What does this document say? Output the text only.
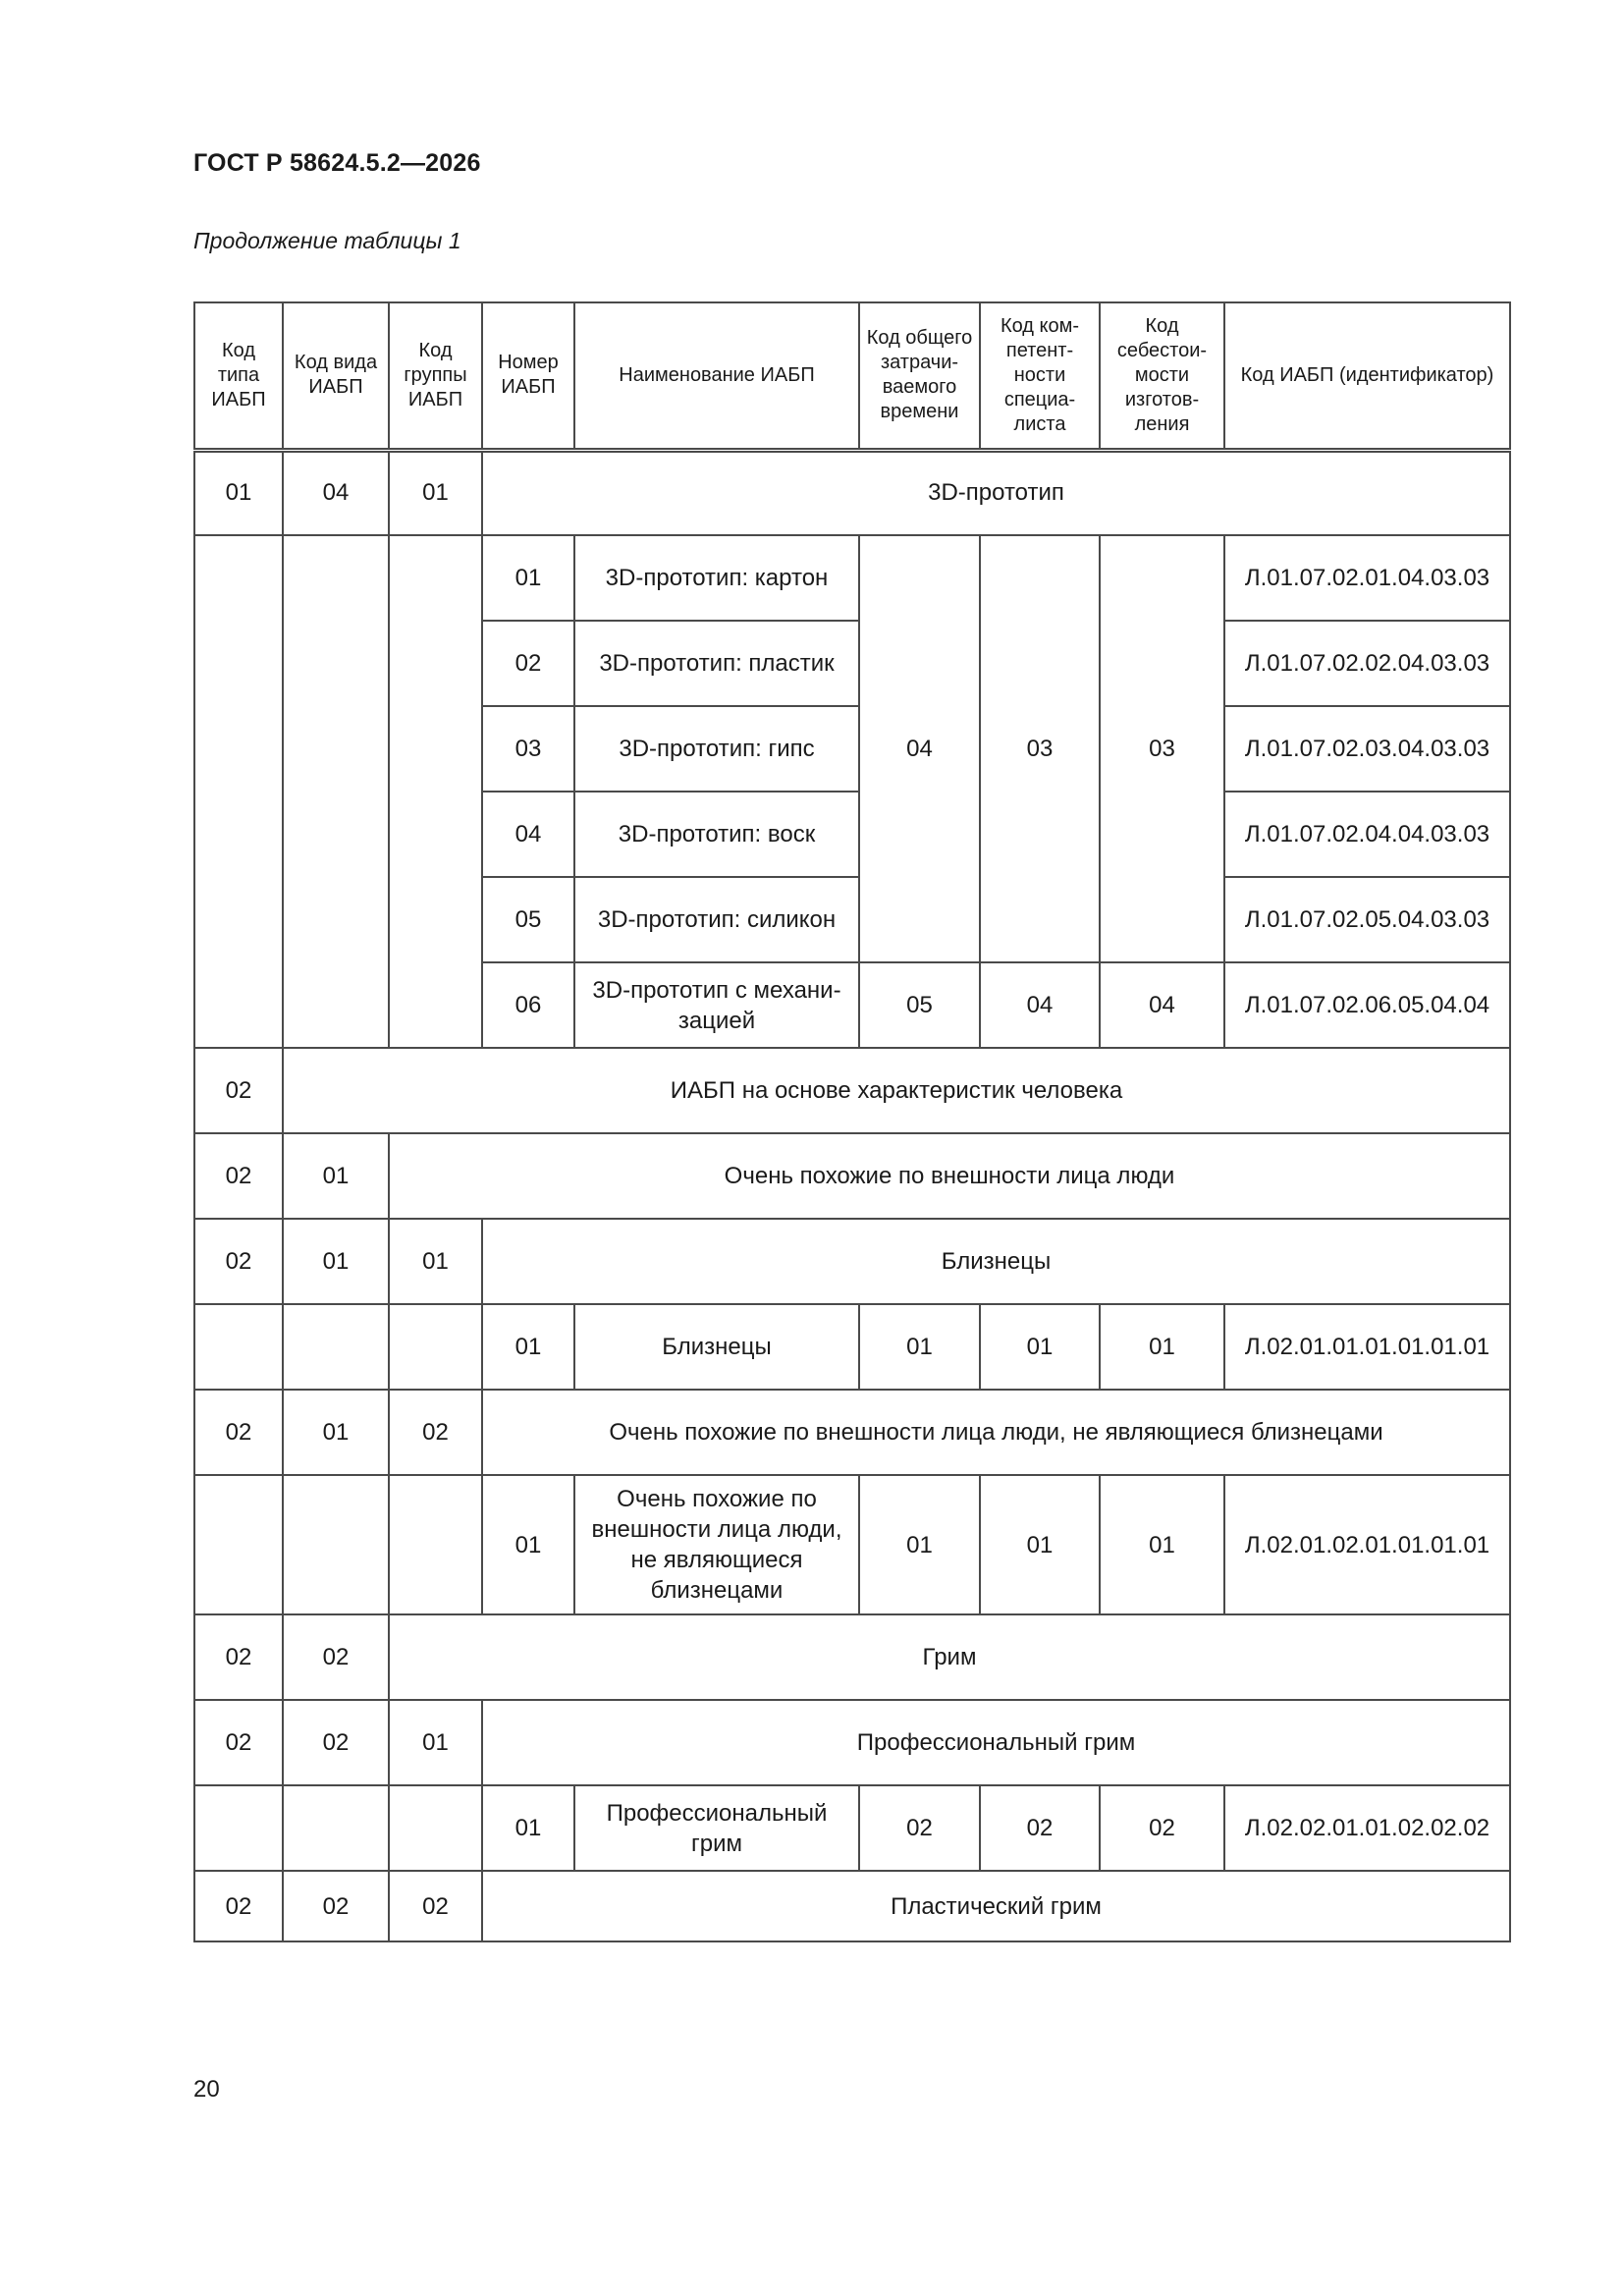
ГОСТ Р 58624.5.2—2026
Продолжение таблицы 1
Код типа ИАБП	Код вида ИАБП	Код группы ИАБП	Номер ИАБП	Наименование ИАБП	Код общего затрачи-ваемого времени	Код ком-петент-ности специа-листа	Код себестои-мости изготов-ления	Код ИАБП (идентификатор)
01	04	01	3D-прототип					
			01	3D-прототип: картон	04	03	03	Л.01.07.02.01.04.03.03
			02	3D-прототип: пластик				Л.01.07.02.02.04.03.03
			03	3D-прототип: гипс				Л.01.07.02.03.04.03.03
			04	3D-прототип: воск				Л.01.07.02.04.04.03.03
			05	3D-прототип: силикон				Л.01.07.02.05.04.03.03
			06	3D-прототип с механи-зацией	05	04	04	Л.01.07.02.06.05.04.04
02	ИАБП на основе характеристик человека							
02	01	Очень похожие по внешности лица люди						
02	01	01	Близнецы					
			01	Близнецы	01	01	01	Л.02.01.01.01.01.01.01
02	01	02	Очень похожие по внешности лица люди, не являющиеся близнецами					
			01	Очень похожие по внешности лица люди, не являющиеся близнецами	01	01	01	Л.02.01.02.01.01.01.01
02	02	Грим						
02	02	01	Профессиональный грим					
			01	Профессиональный грим	02	02	02	Л.02.02.01.01.02.02.02
02	02	02	Пластический грим					
20
